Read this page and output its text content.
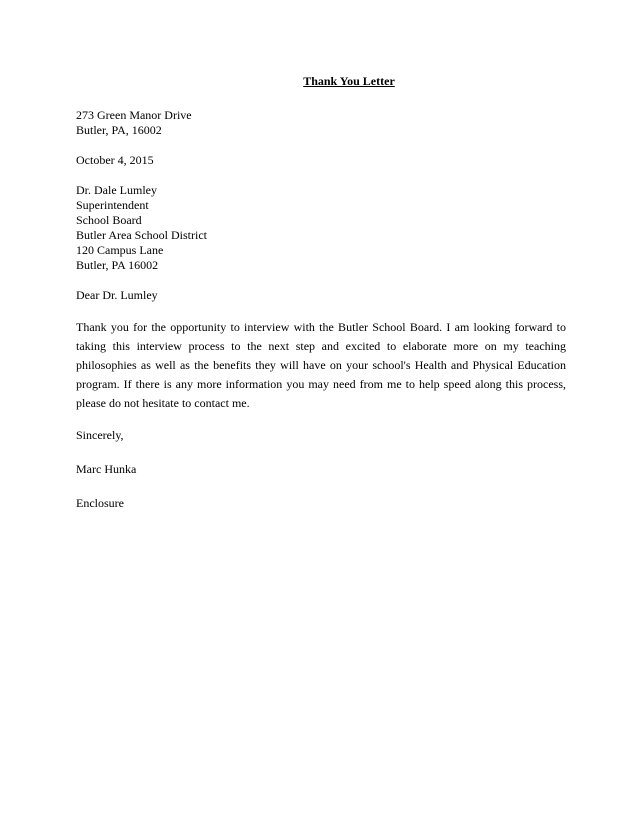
Thank You Letter
273 Green Manor Drive
Butler, PA, 16002
October 4, 2015
Dr. Dale Lumley
Superintendent
School Board
Butler Area School District
120 Campus Lane
Butler, PA 16002
Dear Dr. Lumley

Thank you for the opportunity to interview with the Butler School Board. I am looking forward to taking this interview process to the next step and excited to elaborate more on my teaching philosophies as well as the benefits they will have on your school's Health and Physical Education program. If there is any more information you may need from me to help speed along this process, please do not hesitate to contact me.

Sincerely,
Marc Hunka
Enclosure
